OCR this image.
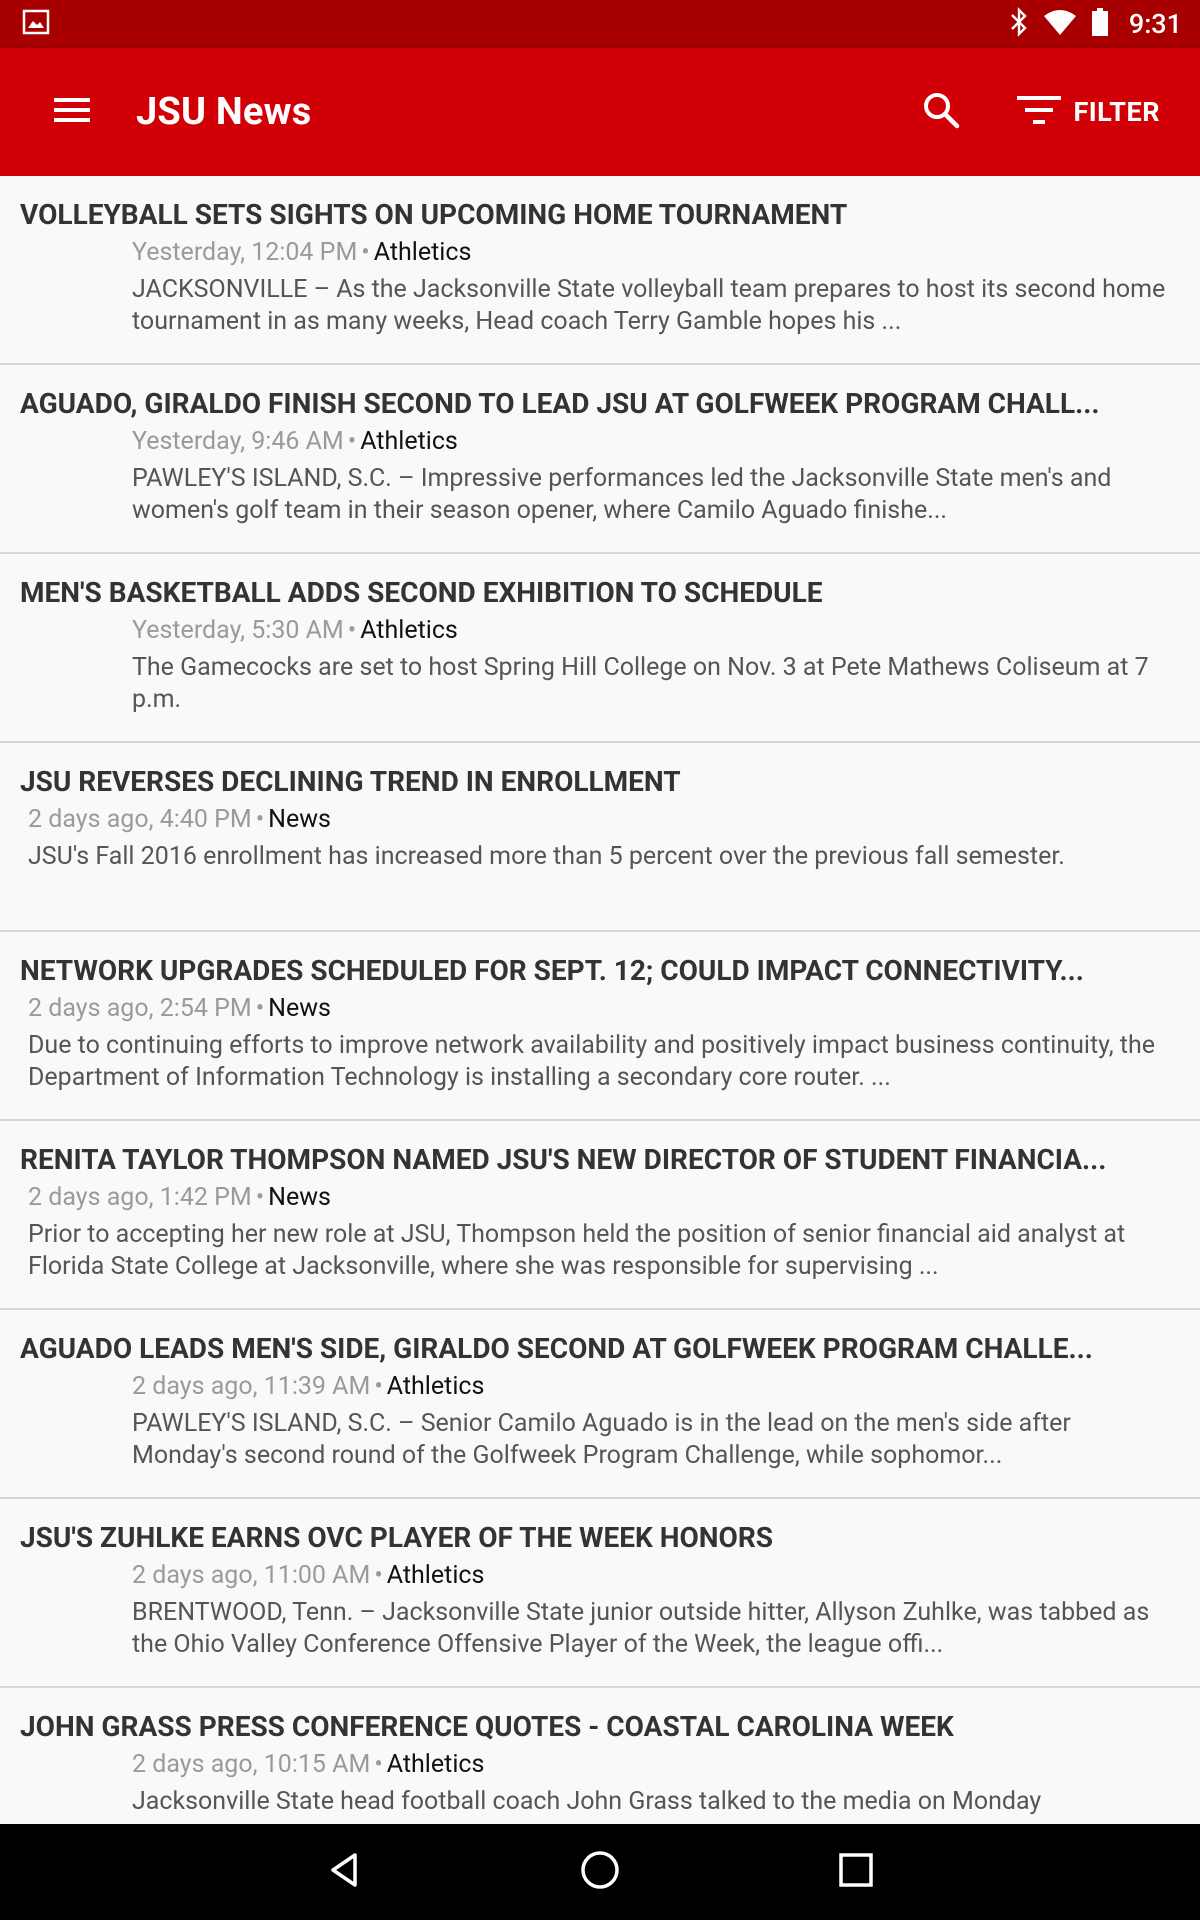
9:31
JSU News	FILTER
VOLLEYBALL SETS SIGHTS ON UPCOMING HOME TOURNAMENT
Yesterday, 12:04 PM • Athletics
JACKSONVILLE – As the Jacksonville State volleyball team prepares to host its second home tournament in as many weeks, Head coach Terry Gamble hopes his ...
AGUADO, GIRALDO FINISH SECOND TO LEAD JSU AT GOLFWEEK PROGRAM CHALL...
Yesterday, 9:46 AM • Athletics
PAWLEY'S ISLAND, S.C. – Impressive performances led the Jacksonville State men's and women's golf team in their season opener, where Camilo Aguado finishe...
MEN'S BASKETBALL ADDS SECOND EXHIBITION TO SCHEDULE
Yesterday, 5:30 AM • Athletics
The Gamecocks are set to host Spring Hill College on Nov. 3 at Pete Mathews Coliseum at 7 p.m.
JSU REVERSES DECLINING TREND IN ENROLLMENT
2 days ago, 4:40 PM • News
JSU's Fall 2016 enrollment has increased more than 5 percent over the previous fall semester.
NETWORK UPGRADES SCHEDULED FOR SEPT. 12; COULD IMPACT CONNECTIVITY...
2 days ago, 2:54 PM • News
Due to continuing efforts to improve network availability and positively impact business continuity, the Department of Information Technology is installing a secondary core router. ...
RENITA TAYLOR THOMPSON NAMED JSU'S NEW DIRECTOR OF STUDENT FINANCIA...
2 days ago, 1:42 PM • News
Prior to accepting her new role at JSU, Thompson held the position of senior financial aid analyst at Florida State College at Jacksonville, where she was responsible for supervising ...
AGUADO LEADS MEN'S SIDE, GIRALDO SECOND AT GOLFWEEK PROGRAM CHALLE...
2 days ago, 11:39 AM • Athletics
PAWLEY'S ISLAND, S.C. – Senior Camilo Aguado is in the lead on the men's side after Monday's second round of the Golfweek Program Challenge, while sophomor...
JSU'S ZUHLKE EARNS OVC PLAYER OF THE WEEK HONORS
2 days ago, 11:00 AM • Athletics
BRENTWOOD, Tenn. – Jacksonville State junior outside hitter, Allyson Zuhlke, was tabbed as the Ohio Valley Conference Offensive Player of the Week, the league offi...
JOHN GRASS PRESS CONFERENCE QUOTES - COASTAL CAROLINA WEEK
2 days ago, 10:15 AM • Athletics
Jacksonville State head football coach John Grass talked to the media on Monday
